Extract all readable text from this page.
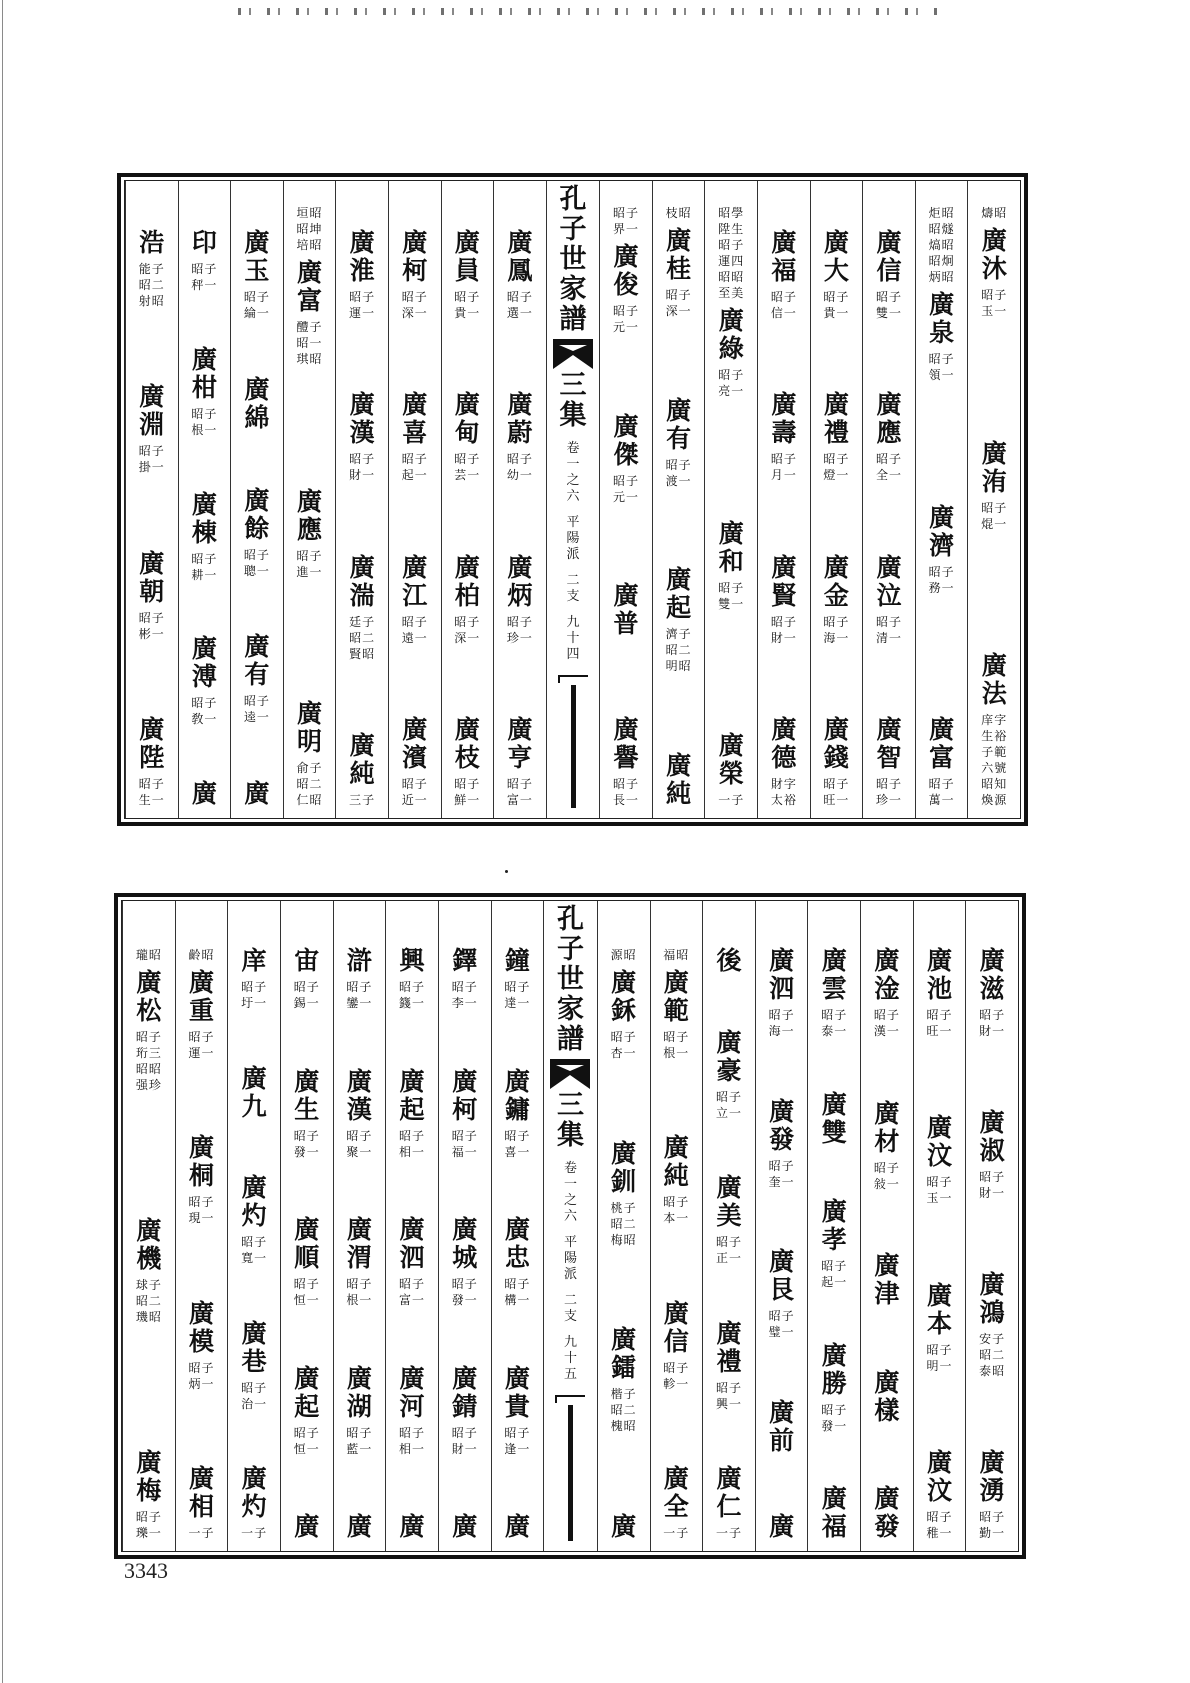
廣鳳
昭子選一
廣蔚
昭子幼一
廣炳
昭子珍一
廣亨
昭子富一
廣員
昭子貴一
廣甸
昭子芸一
廣柏
昭子深一
廣枝
昭子鮮一
廣柯
昭子深一
廣喜
昭子起一
廣江
昭子遠一
廣濱
昭子近一
廣淮
昭子運一
廣漢
昭子財一
廣湍
廷子昭二賢昭
廣純
三子
垣昭昭坤培昭
廣富
醴子昭一琪昭
廣應
昭子進一
廣明
俞子昭二仁昭
廣玉
昭子綸一
廣綿
廣餘
昭子聰一
廣有
昭子逵一
廣
印
昭子秤一
廣柑
昭子根一
廣棟
昭子耕一
廣溥
昭子敎一
廣
浩
能子昭二射昭
廣淵
昭子掛一
廣朝
昭子彬一
廣陛
昭子生一
孔子世家譜
三集
卷一之六
平陽派
二支
九十四
燽昭
廣沐
昭子玉一
廣洧
昭子焜一
廣法
庠字生裕子範六號昭知煥源
炬昭昭燧熇昭昭炯炳昭
廣泉
昭子領一
廣濟
昭子務一
廣富
昭子萬一
廣信
昭子雙一
廣應
昭子全一
廣泣
昭子清一
廣智
昭子珍一
廣大
昭子貴一
廣禮
昭子燈一
廣金
昭子海一
廣錢
昭子旺一
廣福
昭子信一
廣壽
昭子月一
廣賢
昭子財一
廣德
財字太裕
昭學陞生昭子運四昭昭至美
廣綠
昭子亮一
廣和
昭子雙一
廣榮
一子
枝昭
廣桂
昭子深一
廣有
昭子渡一
廣起
濟子昭二明昭
廣純
昭子界一
廣俊
昭子元一
廣傑
昭子元一
廣普
廣譽
昭子長一
鐘
昭子達一
廣鏞
昭子喜一
廣忠
昭子構一
廣貴
昭子逢一
廣
鐸
昭子李一
廣柯
昭子福一
廣城
昭子發一
廣錆
昭子財一
廣
興
昭子籛一
廣起
昭子相一
廣泗
昭子富一
廣河
昭子相一
廣
滸
昭子鑾一
廣漢
昭子聚一
廣渭
昭子根一
廣湖
昭子藍一
廣
宙
昭子錫一
廣生
昭子發一
廣順
昭子恒一
廣起
昭子恒一
廣
庠
昭子圩一
廣九
廣灼
昭子寬一
廣巷
昭子治一
廣灼
一子
齡昭
廣重
昭子運一
廣桐
昭子現一
廣模
昭子炳一
廣相
一子
瓏昭
廣松
昭子珩三昭昭强珍
廣機
球子昭二璣昭
廣梅
昭子瓅一
孔子世家譜
三集
卷一之六
平陽派
二支
九十五
廣滋
昭子財一
廣淑
昭子財一
廣鴻
安子昭二泰昭
廣湧
昭子勤一
廣池
昭子旺一
廣汶
昭子玉一
廣本
昭子明一
廣汶
昭子稚一
廣淦
昭子漢一
廣材
昭子敍一
廣津
廣樣
廣發
廣雲
昭子泰一
廣雙
廣孝
昭子起一
廣勝
昭子發一
廣福
廣泗
昭子海一
廣發
昭子奎一
廣艮
昭子璧一
廣前
廣
後
廣豪
昭子立一
廣美
昭子正一
廣禮
昭子興一
廣仁
一子
福昭
廣範
昭子根一
廣純
昭子本一
廣信
昭子軫一
廣全
一子
源昭
廣鉌
昭子杏一
廣釧
桃子昭二梅昭
廣鐳
楷子昭二槐昭
廣
3343
